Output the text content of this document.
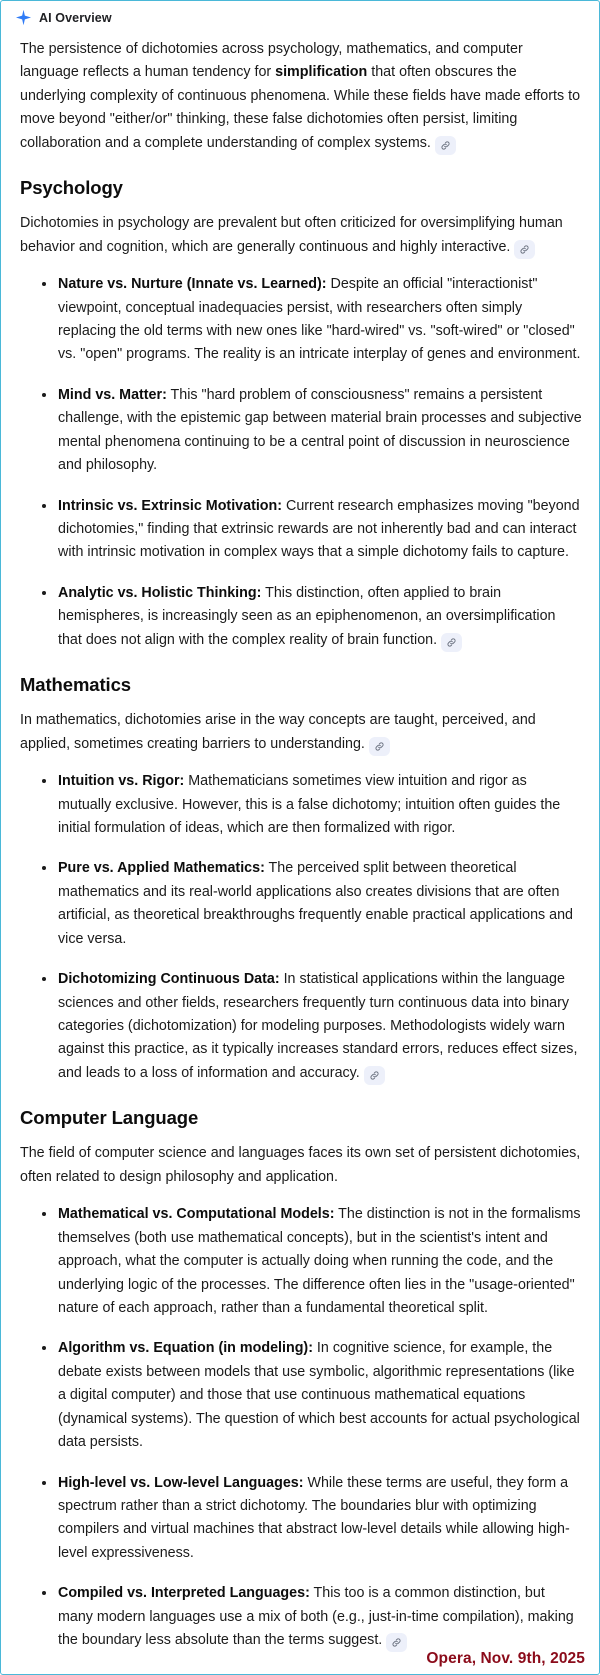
AI Overview

The persistence of dichotomies across psychology, mathematics, and computer language reflects a human tendency for simplification that often obscures the underlying complexity of continuous phenomena. While these fields have made efforts to move beyond "either/or" thinking, these false dichotomies often persist, limiting collaboration and a complete understanding of complex systems.

Psychology

Dichotomies in psychology are prevalent but often criticized for oversimplifying human behavior and cognition, which are generally continuous and highly interactive.

Nature vs. Nurture (Innate vs. Learned): Despite an official "interactionist" viewpoint, conceptual inadequacies persist, with researchers often simply replacing the old terms with new ones like "hard-wired" vs. "soft-wired" or "closed" vs. "open" programs. The reality is an intricate interplay of genes and environment.
Mind vs. Matter: This "hard problem of consciousness" remains a persistent challenge, with the epistemic gap between material brain processes and subjective mental phenomena continuing to be a central point of discussion in neuroscience and philosophy.
Intrinsic vs. Extrinsic Motivation: Current research emphasizes moving "beyond dichotomies," finding that extrinsic rewards are not inherently bad and can interact with intrinsic motivation in complex ways that a simple dichotomy fails to capture.
Analytic vs. Holistic Thinking: This distinction, often applied to brain hemispheres, is increasingly seen as an epiphenomenon, an oversimplification that does not align with the complex reality of brain function.
Mathematics

In mathematics, dichotomies arise in the way concepts are taught, perceived, and applied, sometimes creating barriers to understanding.

Intuition vs. Rigor: Mathematicians sometimes view intuition and rigor as mutually exclusive. However, this is a false dichotomy; intuition often guides the initial formulation of ideas, which are then formalized with rigor.
Pure vs. Applied Mathematics: The perceived split between theoretical mathematics and its real-world applications also creates divisions that are often artificial, as theoretical breakthroughs frequently enable practical applications and vice versa.
Dichotomizing Continuous Data: In statistical applications within the language sciences and other fields, researchers frequently turn continuous data into binary categories (dichotomization) for modeling purposes. Methodologists widely warn against this practice, as it typically increases standard errors, reduces effect sizes, and leads to a loss of information and accuracy.
Computer Language

The field of computer science and languages faces its own set of persistent dichotomies, often related to design philosophy and application.

Mathematical vs. Computational Models: The distinction is not in the formalisms themselves (both use mathematical concepts), but in the scientist's intent and approach, what the computer is actually doing when running the code, and the underlying logic of the processes. The difference often lies in the "usage-oriented" nature of each approach, rather than a fundamental theoretical split.
Algorithm vs. Equation (in modeling): In cognitive science, for example, the debate exists between models that use symbolic, algorithmic representations (like a digital computer) and those that use continuous mathematical equations (dynamical systems). The question of which best accounts for actual psychological data persists.
High-level vs. Low-level Languages: While these terms are useful, they form a spectrum rather than a strict dichotomy. The boundaries blur with optimizing compilers and virtual machines that abstract low-level details while allowing high-level expressiveness.
Compiled vs. Interpreted Languages: This too is a common distinction, but many modern languages use a mix of both (e.g., just-in-time compilation), making the boundary less absolute than the terms suggest.
Opera, Nov. 9th, 2025
